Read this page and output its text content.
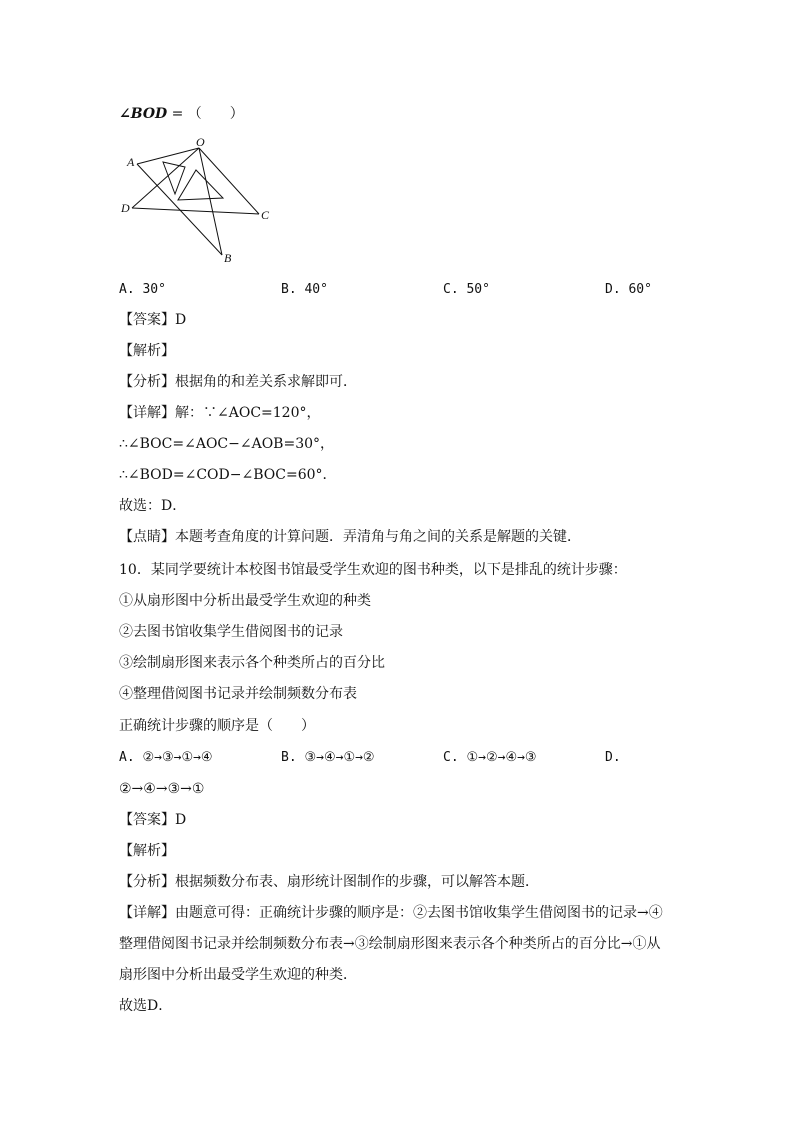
∠BOD = （　　）
O
A
D	C
B
A. 30°	B. 40°	C. 50°	D. 60°
【答案】D
【解析】
【分析】根据角的和差关系求解即可．
【详解】解：∵∠AOC=120°，
∴∠BOC=∠AOC−∠AOB=30°，
∴∠BOD=∠COD−∠BOC=60°．
故选：D．
【点睛】本题考查角度的计算问题．弄清角与角之间的关系是解题的关键．
10．某同学要统计本校图书馆最受学生欢迎的图书种类，以下是排乱的统计步骤：
①从扇形图中分析出最受学生欢迎的种类
②去图书馆收集学生借阅图书的记录
③绘制扇形图来表示各个种类所占的百分比
④整理借阅图书记录并绘制频数分布表
正确统计步骤的顺序是（　　）
A. ②→③→①→④	B. ③→④→①→②	C. ①→②→④→③	D.
②→④→③→①
【答案】D
【解析】
【分析】根据频数分布表、扇形统计图制作的步骤，可以解答本题．
【详解】由题意可得：正确统计步骤的顺序是：②去图书馆收集学生借阅图书的记录→④
整理借阅图书记录并绘制频数分布表→③绘制扇形图来表示各个种类所占的百分比→①从
扇形图中分析出最受学生欢迎的种类．
故选D．
